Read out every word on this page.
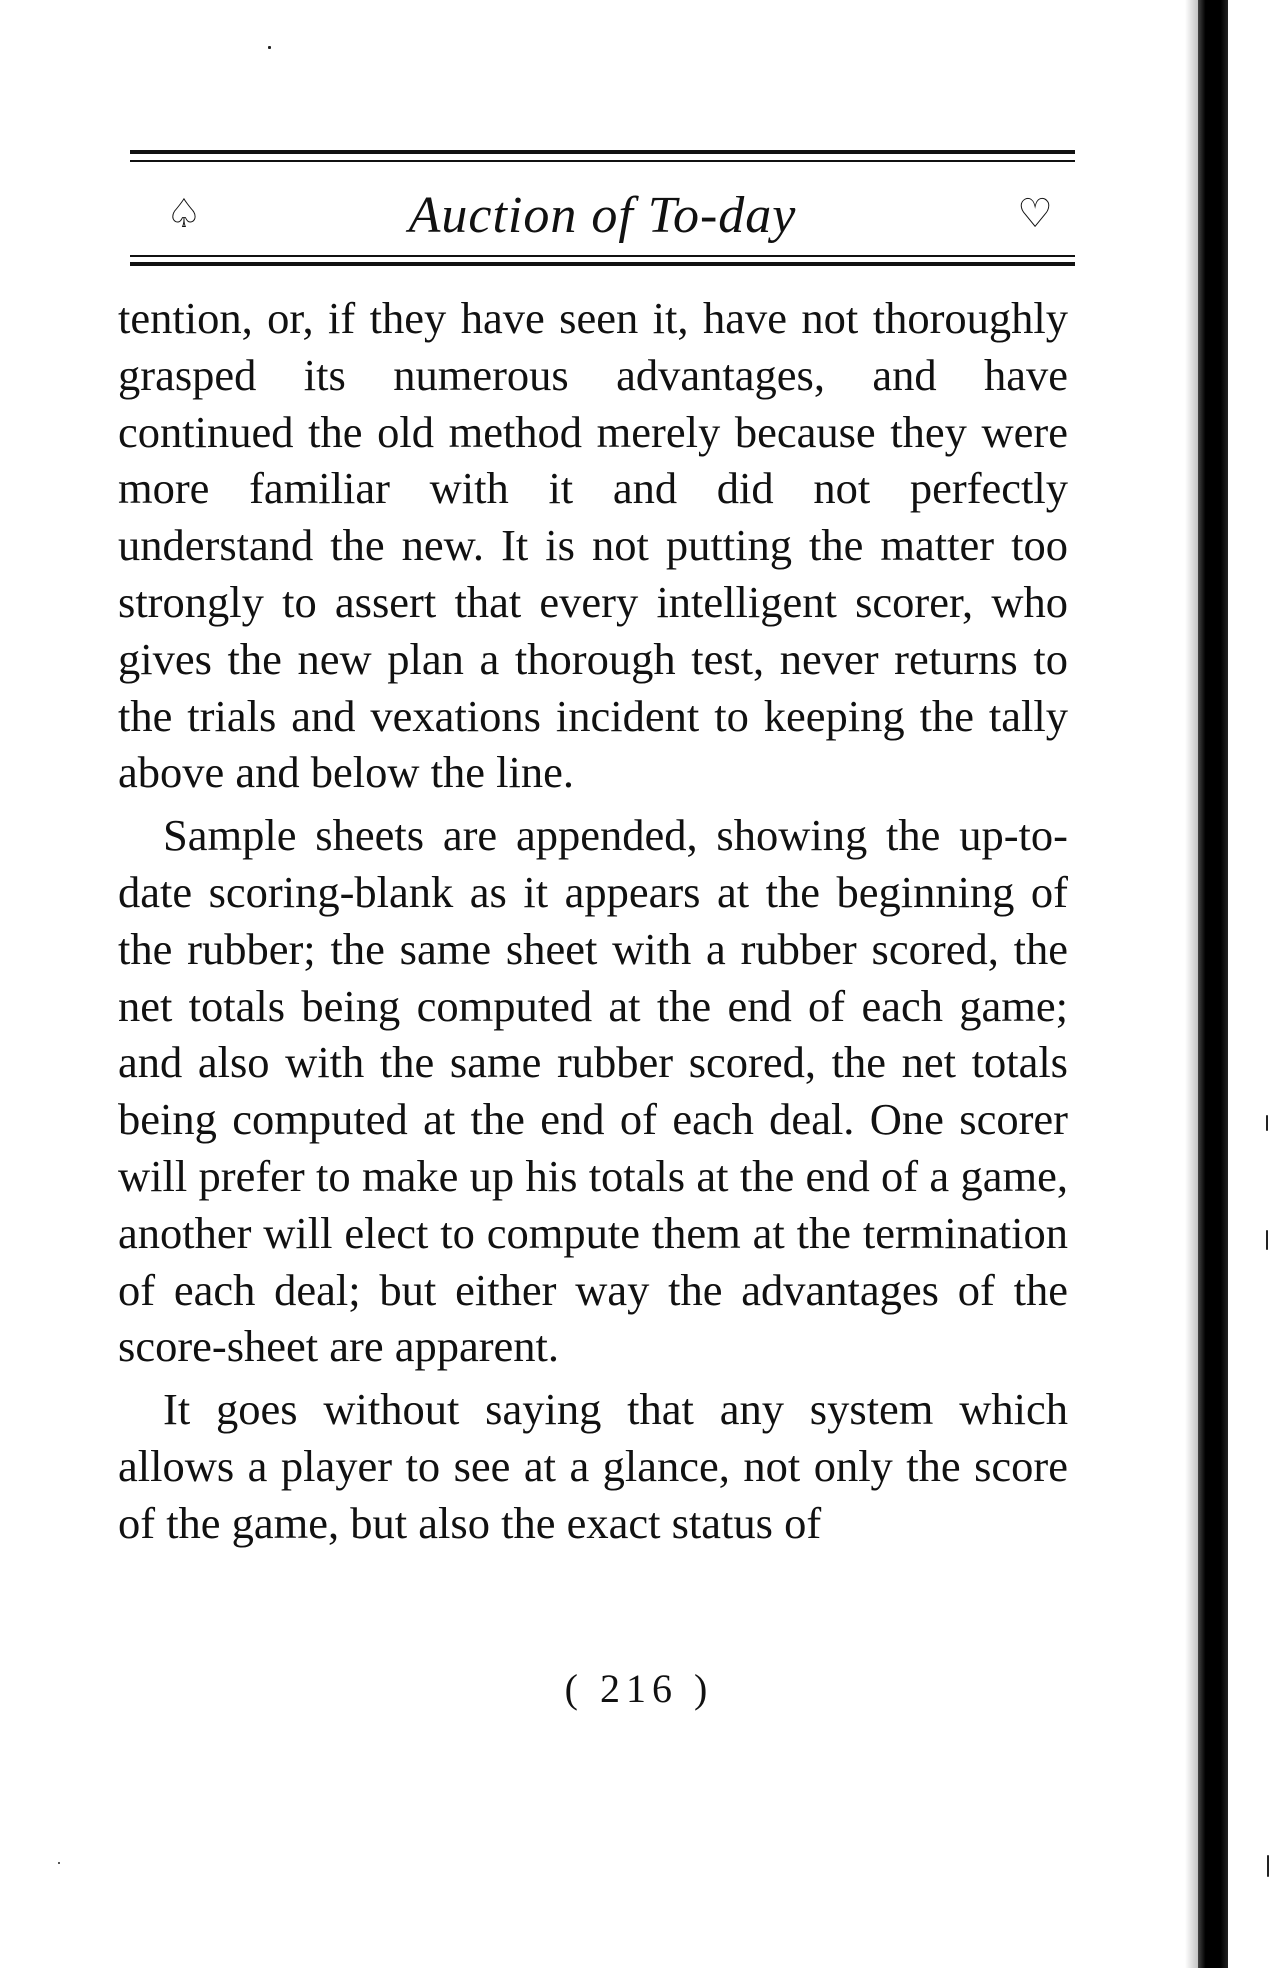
♤	Auction of To-day	♡

tention, or, if they have seen it, have not thoroughly grasped its numerous advantages, and have continued the old method merely because they were more familiar with it and did not perfectly understand the new. It is not putting the matter too strongly to assert that every intelligent scorer, who gives the new plan a thorough test, never returns to the trials and vexations incident to keeping the tally above and below the line.

Sample sheets are appended, showing the up-to-date scoring-blank as it appears at the beginning of the rubber; the same sheet with a rubber scored, the net totals being computed at the end of each game; and also with the same rubber scored, the net totals being computed at the end of each deal. One scorer will prefer to make up his totals at the end of a game, another will elect to compute them at the termination of each deal; but either way the advantages of the score-sheet are apparent.

It goes without saying that any system which allows a player to see at a glance, not only the score of the game, but also the exact status of

( 216 )
